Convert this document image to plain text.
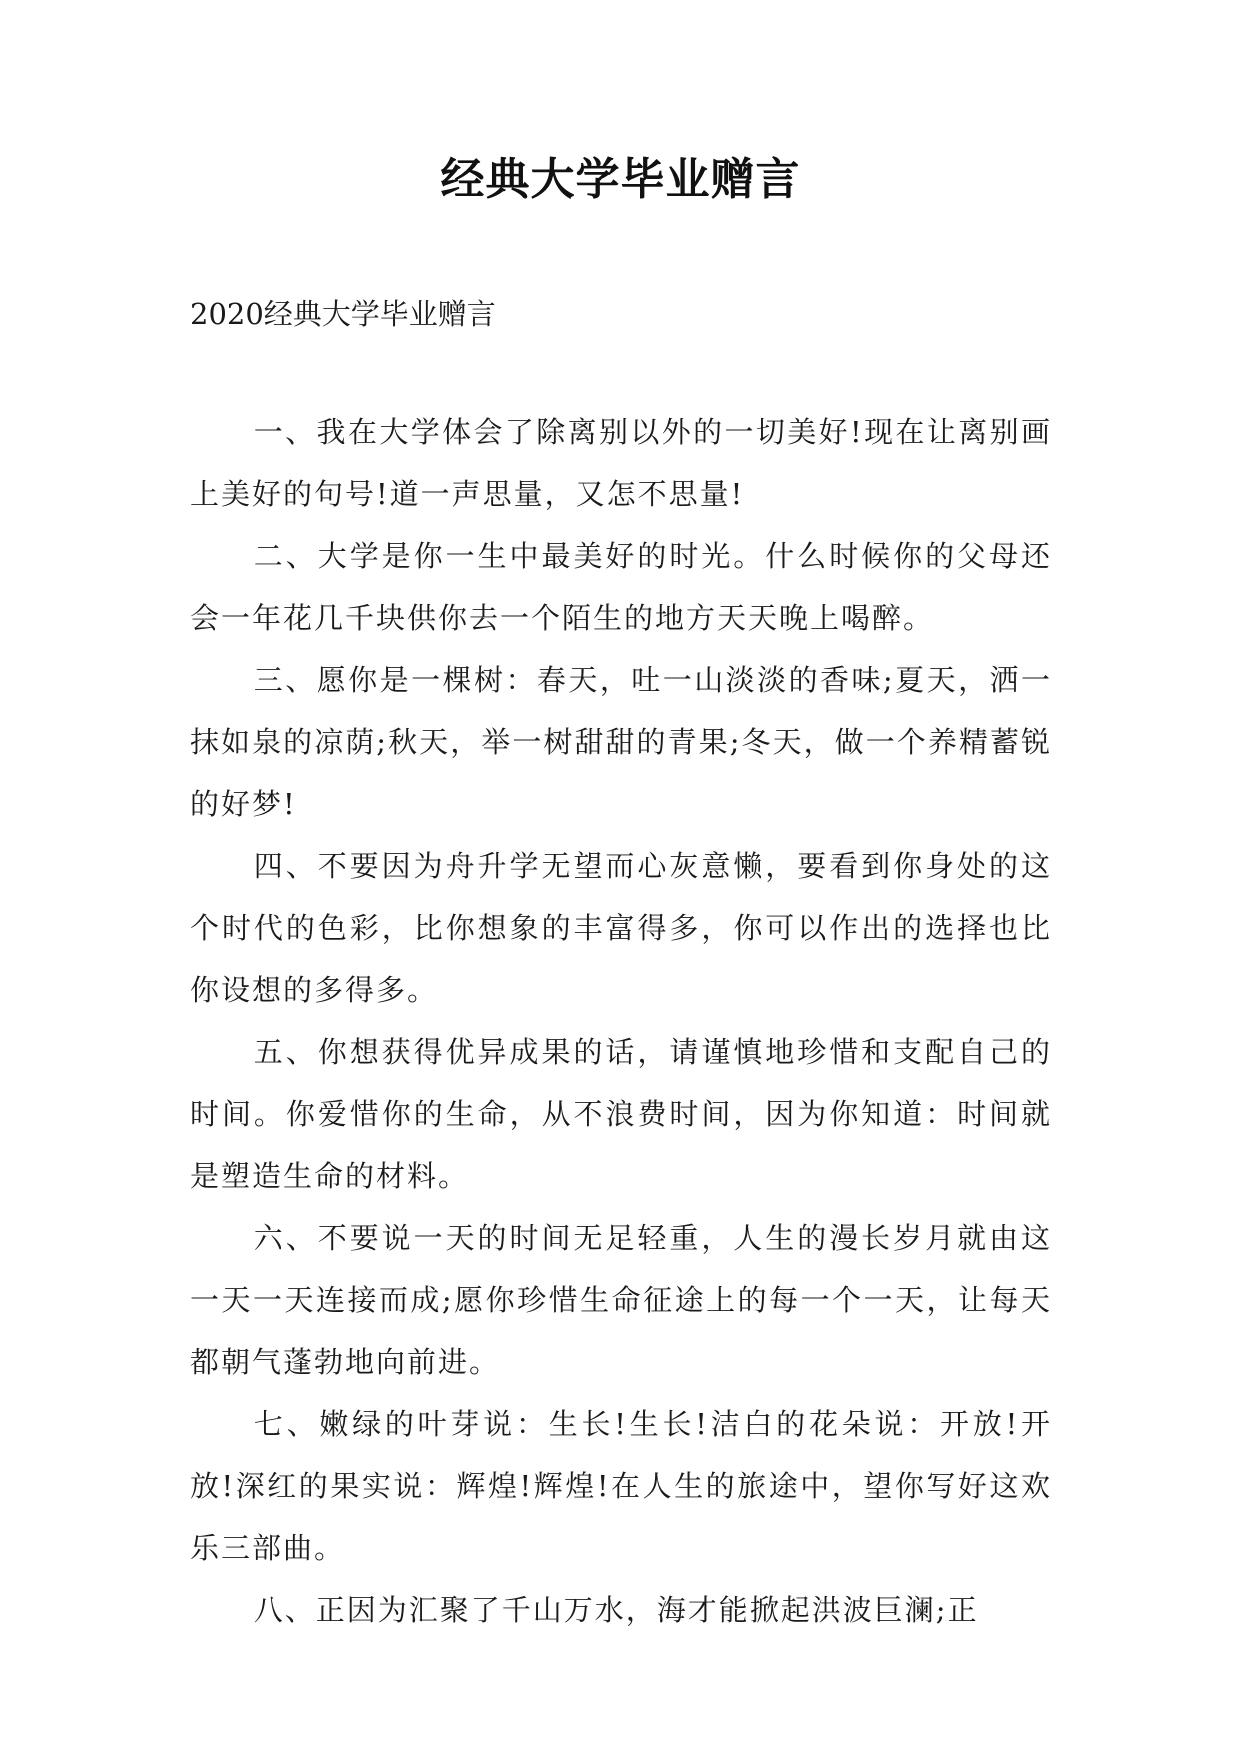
经典大学毕业赠言
2020经典大学毕业赠言

一、我在大学体会了除离别以外的一切美好!现在让离别画上美好的句号!道一声思量，又怎不思量!

二、大学是你一生中最美好的时光。什么时候你的父母还会一年花几千块供你去一个陌生的地方天天晚上喝醉。

三、愿你是一棵树：春天，吐一山淡淡的香味;夏天，洒一抹如泉的凉荫;秋天，举一树甜甜的青果;冬天，做一个养精蓄锐的好梦!

四、不要因为舟升学无望而心灰意懒，要看到你身处的这个时代的色彩，比你想象的丰富得多，你可以作出的选择也比你设想的多得多。

五、你想获得优异成果的话，请谨慎地珍惜和支配自己的时间。你爱惜你的生命，从不浪费时间，因为你知道：时间就是塑造生命的材料。

六、不要说一天的时间无足轻重，人生的漫长岁月就由这一天一天连接而成;愿你珍惜生命征途上的每一个一天，让每天都朝气蓬勃地向前进。

七、嫩绿的叶芽说：生长!生长!洁白的花朵说：开放!开放!深红的果实说：辉煌!辉煌!在人生的旅途中，望你写好这欢乐三部曲。

八、正因为汇聚了千山万水，海才能掀起洪波巨澜;正
